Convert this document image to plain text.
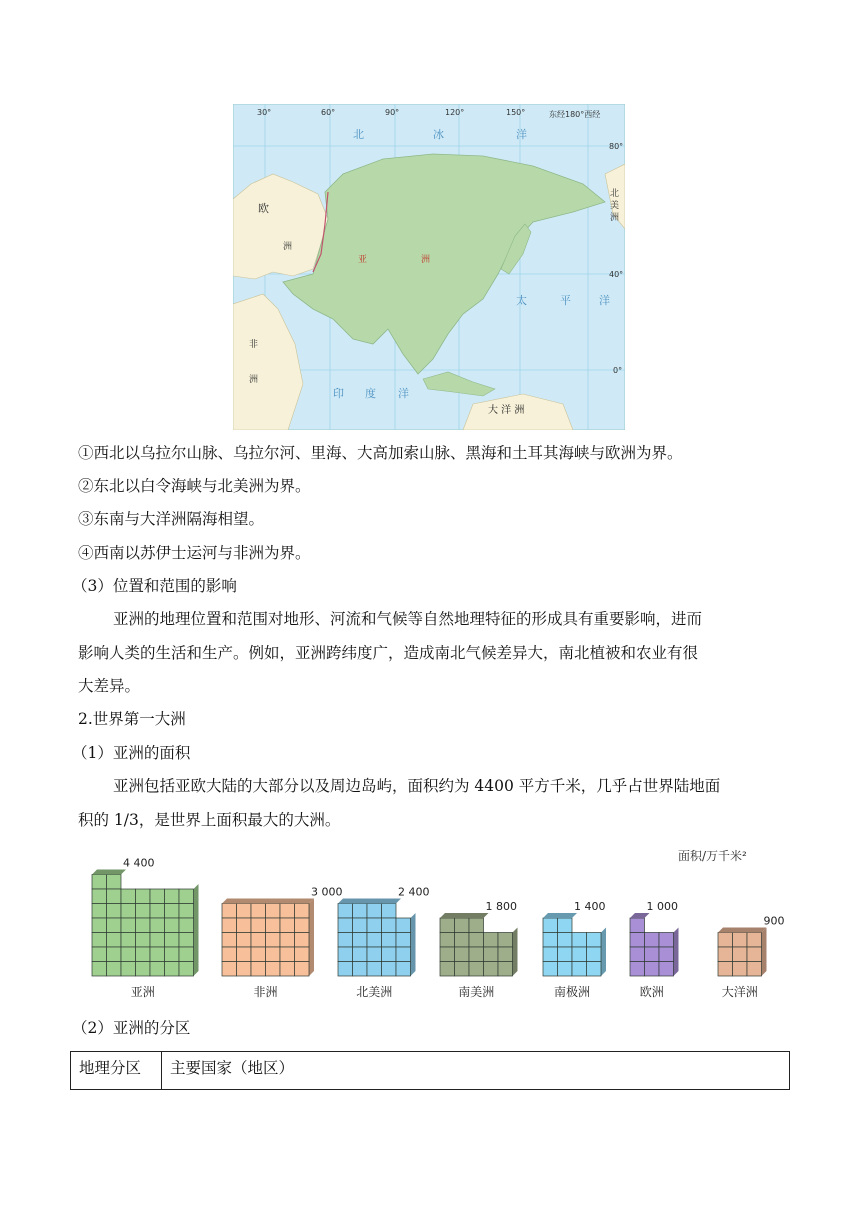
30°	60°	90°	120°	150°	东经180°西经
80°
40°
0°
北	冰	洋
欧
洲
亚	洲
北
美
洲
太	平	洋
非
洲
印 度 洋
大 洋 洲
①西北以乌拉尔山脉、乌拉尔河、里海、大高加索山脉、黑海和土耳其海峡与欧洲为界。
②东北以白令海峡与北美洲为界。
③东南与大洋洲隔海相望。
④西南以苏伊士运河与非洲为界。
（3）位置和范围的影响
亚洲的地理位置和范围对地形、河流和气候等自然地理特征的形成具有重要影响，进而
影响人类的生活和生产。例如，亚洲跨纬度广，造成南北气候差异大，南北植被和农业有很
大差异。
2.世界第一大洲
（1）亚洲的面积
亚洲包括亚欧大陆的大部分以及周边岛屿，面积约为 4400 平方千米，几乎占世界陆地面
积的 1/3，是世界上面积最大的大洲。
面积/万千米²
4 400
亚洲
3 000
非洲
2 400
北美洲
1 800
南美洲
1 400
南极洲
1 000
欧洲
900
大洋洲
（2）亚洲的分区
地理分区	主要国家（地区）
